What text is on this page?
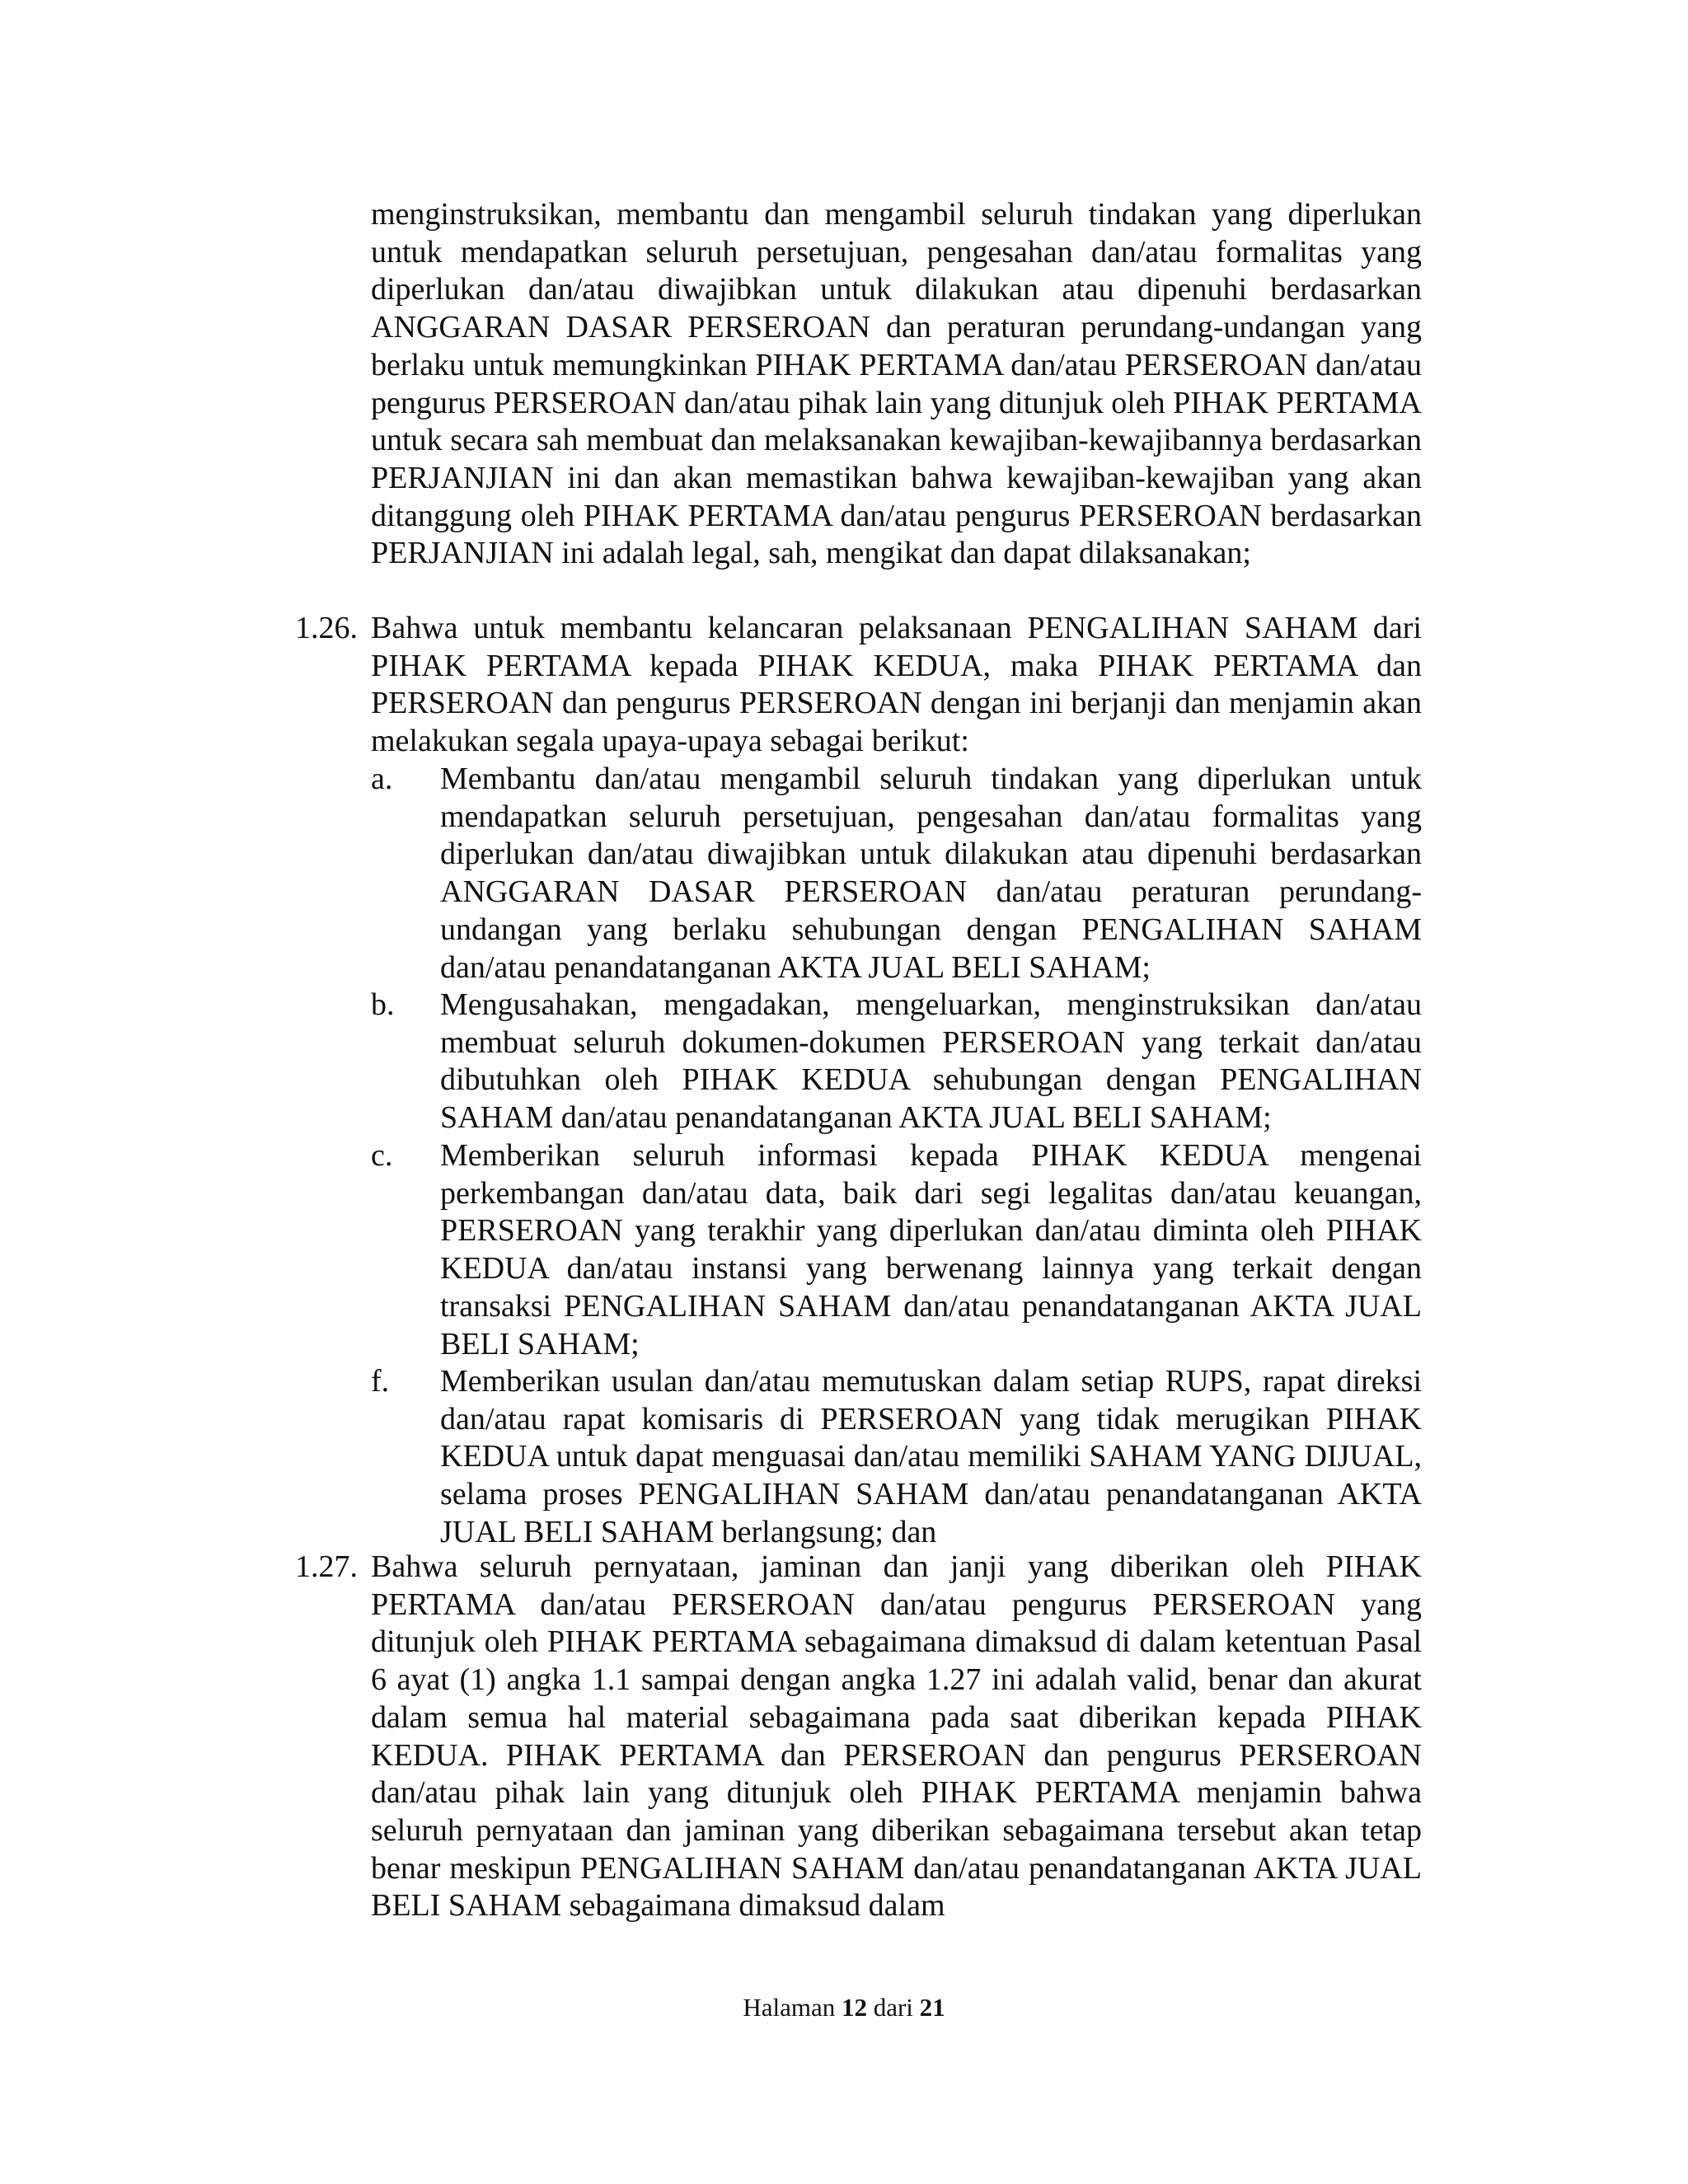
menginstruksikan, membantu dan mengambil seluruh tindakan yang diperlukan untuk mendapatkan seluruh persetujuan, pengesahan dan/atau formalitas yang diperlukan dan/atau diwajibkan untuk dilakukan atau dipenuhi berdasarkan ANGGARAN DASAR PERSEROAN dan peraturan perundang-undangan yang berlaku untuk memungkinkan PIHAK PERTAMA dan/atau PERSEROAN dan/atau pengurus PERSEROAN dan/atau pihak lain yang ditunjuk oleh PIHAK PERTAMA untuk secara sah membuat dan melaksanakan kewajiban-kewajibannya berdasarkan PERJANJIAN ini dan akan memastikan bahwa kewajiban-kewajiban yang akan ditanggung oleh PIHAK PERTAMA dan/atau pengurus PERSEROAN berdasarkan PERJANJIAN ini adalah legal, sah, mengikat dan dapat dilaksanakan;
1.26. Bahwa untuk membantu kelancaran pelaksanaan PENGALIHAN SAHAM dari PIHAK PERTAMA kepada PIHAK KEDUA, maka PIHAK PERTAMA dan PERSEROAN dan pengurus PERSEROAN dengan ini berjanji dan menjamin akan melakukan segala upaya-upaya sebagai berikut:
a.	Membantu dan/atau mengambil seluruh tindakan yang diperlukan untuk mendapatkan seluruh persetujuan, pengesahan dan/atau formalitas yang diperlukan dan/atau diwajibkan untuk dilakukan atau dipenuhi berdasarkan ANGGARAN DASAR PERSEROAN dan/atau peraturan perundang-undangan yang berlaku sehubungan dengan PENGALIHAN SAHAM dan/atau penandatanganan AKTA JUAL BELI SAHAM;
b.	Mengusahakan, mengadakan, mengeluarkan, menginstruksikan dan/atau membuat seluruh dokumen-dokumen PERSEROAN yang terkait dan/atau dibutuhkan oleh PIHAK KEDUA sehubungan dengan PENGALIHAN SAHAM dan/atau penandatanganan AKTA JUAL BELI SAHAM;
c.	Memberikan seluruh informasi kepada PIHAK KEDUA mengenai perkembangan dan/atau data, baik dari segi legalitas dan/atau keuangan, PERSEROAN yang terakhir yang diperlukan dan/atau diminta oleh PIHAK KEDUA dan/atau instansi yang berwenang lainnya yang terkait dengan transaksi PENGALIHAN SAHAM dan/atau penandatanganan AKTA JUAL BELI SAHAM;
f.	Memberikan usulan dan/atau memutuskan dalam setiap RUPS, rapat direksi dan/atau rapat komisaris di PERSEROAN yang tidak merugikan PIHAK KEDUA untuk dapat menguasai dan/atau memiliki SAHAM YANG DIJUAL, selama proses PENGALIHAN SAHAM dan/atau penandatanganan AKTA JUAL BELI SAHAM berlangsung; dan
1.27. Bahwa seluruh pernyataan, jaminan dan janji yang diberikan oleh PIHAK PERTAMA dan/atau PERSEROAN dan/atau pengurus PERSEROAN yang ditunjuk oleh PIHAK PERTAMA sebagaimana dimaksud di dalam ketentuan Pasal 6 ayat (1) angka 1.1 sampai dengan angka 1.27 ini adalah valid, benar dan akurat dalam semua hal material sebagaimana pada saat diberikan kepada PIHAK KEDUA. PIHAK PERTAMA dan PERSEROAN dan pengurus PERSEROAN dan/atau pihak lain yang ditunjuk oleh PIHAK PERTAMA menjamin bahwa seluruh pernyataan dan jaminan yang diberikan sebagaimana tersebut akan tetap benar meskipun PENGALIHAN SAHAM dan/atau penandatanganan AKTA JUAL BELI SAHAM sebagaimana dimaksud dalam
Halaman 12 dari 21
